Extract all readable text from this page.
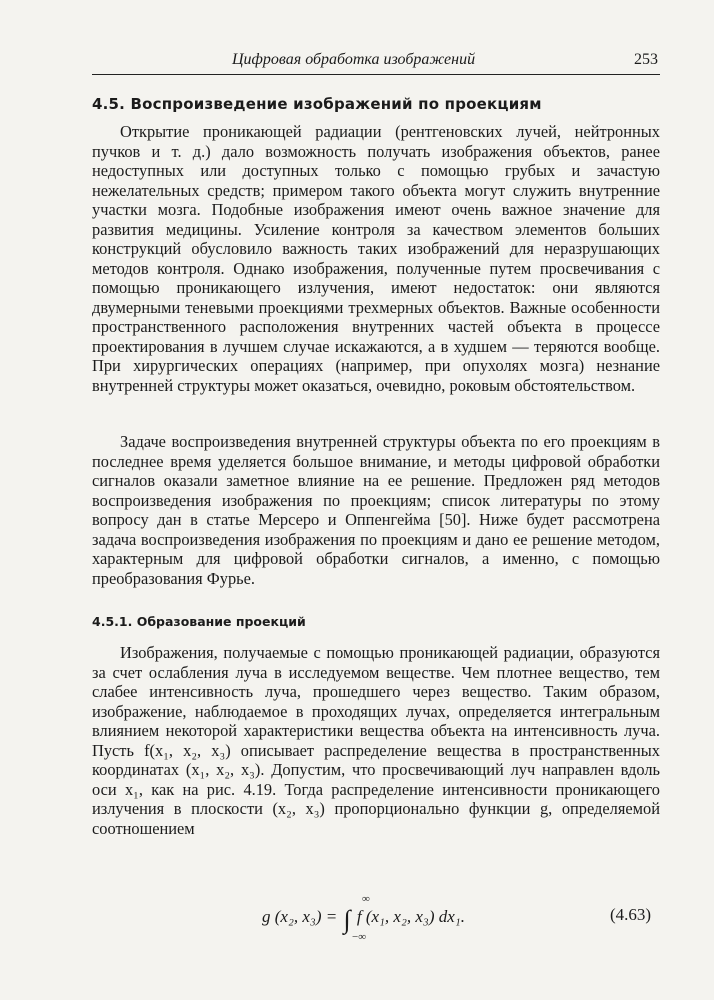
Цифровая обработка изображений	253
4.5. Воспроизведение изображений по проекциям

Открытие проникающей радиации (рентгеновских лучей, нейтронных пучков и т. д.) дало возможность получать изображения объектов, ранее недоступных или доступных только с помощью грубых и зачастую нежелательных средств; примером такого объекта могут служить внутренние участки мозга. Подобные изображения имеют очень важное значение для развития медицины. Усиление контроля за качеством элементов больших конструкций обусловило важность таких изображений для неразрушающих методов контроля. Однако изображения, полученные путем просвечивания с помощью проникающего излучения, имеют недостаток: они являются двумерными теневыми проекциями трехмерных объектов. Важные особенности пространственного расположения внутренних частей объекта в процессе проектирования в лучшем случае искажаются, а в худшем — теряются вообще. При хирургических операциях (например, при опухолях мозга) незнание внутренней структуры может оказаться, очевидно, роковым обстоятельством.

Задаче воспроизведения внутренней структуры объекта по его проекциям в последнее время уделяется большое внимание, и методы цифровой обработки сигналов оказали заметное влияние на ее решение. Предложен ряд методов воспроизведения изображения по проекциям; список литературы по этому вопросу дан в статье Мерсеро и Оппенгейма [50]. Ниже будет рассмотрена задача воспроизведения изображения по проекциям и дано ее решение методом, характерным для цифровой обработки сигналов, а именно, с помощью преобразования Фурье.

4.5.1. Образование проекций

Изображения, получаемые с помощью проникающей радиации, образуются за счет ослабления луча в исследуемом веществе. Чем плотнее вещество, тем слабее интенсивность луча, прошедшего через вещество. Таким образом, изображение, наблюдаемое в проходящих лучах, определяется интегральным влиянием некоторой характеристики вещества объекта на интенсивность луча. Пусть f(x₁, x₂, x₃) описывает распределение вещества в пространственных координатах (x₁, x₂, x₃). Допустим, что просвечивающий луч направлен вдоль оси x₁, как на рис. 4.19. Тогда распределение интенсивности проникающего излучения в плоскости (x₂, x₃) пропорционально функции g, определяемой соотношением

g (x₂, x₃) = ∫
∞
−∞
f (x₁, x₂, x₃) dx₁.	(4.63)
